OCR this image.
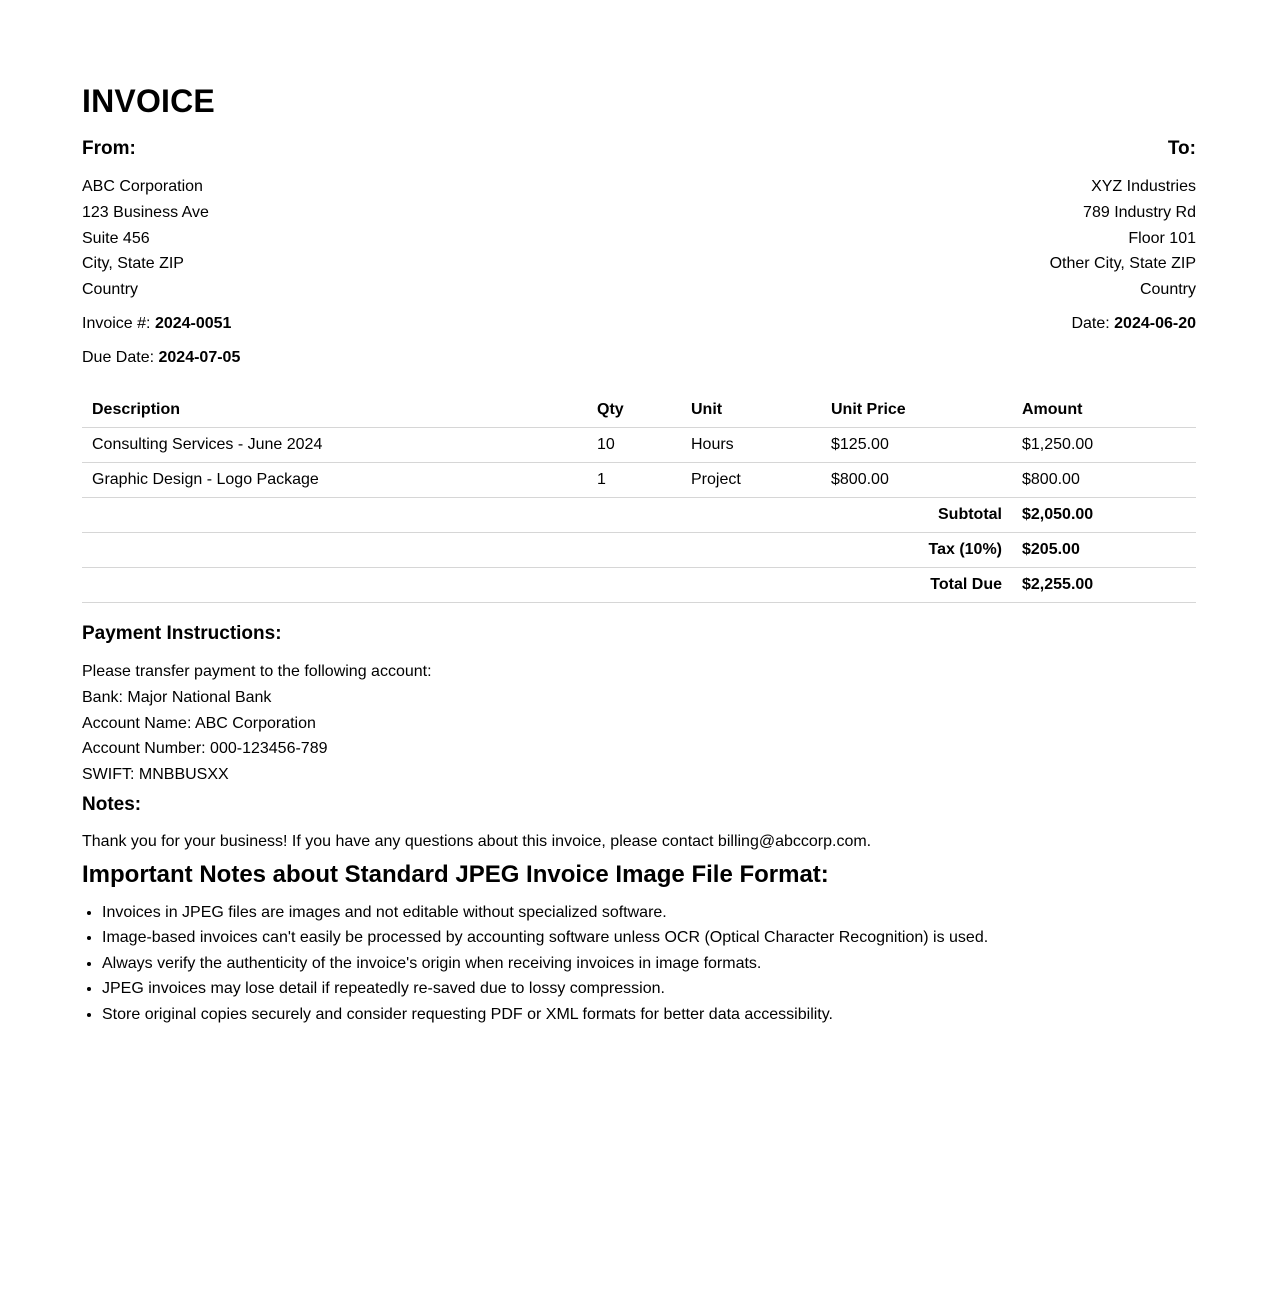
INVOICE
From:
ABC Corporation
123 Business Ave
Suite 456
City, State ZIP
Country
Invoice #: 2024-0051
Due Date: 2024-07-05
To:
XYZ Industries
789 Industry Rd
Floor 101
Other City, State ZIP
Country
Date: 2024-06-20
Description	Qty	Unit	Unit Price	Amount
Consulting Services - June 2024	10	Hours	$125.00	$1,250.00
Graphic Design - Logo Package	1	Project	$800.00	$800.00
Subtotal				$2,050.00
Tax (10%)				$205.00
Total Due				$2,255.00
Payment Instructions:
Please transfer payment to the following account:
Bank: Major National Bank
Account Name: ABC Corporation
Account Number: 000-123456-789
SWIFT: MNBBUSXX
Notes:
Thank you for your business! If you have any questions about this invoice, please contact billing@abccorp.com.
Important Notes about Standard JPEG Invoice Image File Format:
• Invoices in JPEG files are images and not editable without specialized software.
• Image-based invoices can't easily be processed by accounting software unless OCR (Optical Character Recognition) is used.
• Always verify the authenticity of the invoice's origin when receiving invoices in image formats.
• JPEG invoices may lose detail if repeatedly re-saved due to lossy compression.
• Store original copies securely and consider requesting PDF or XML formats for better data accessibility.
